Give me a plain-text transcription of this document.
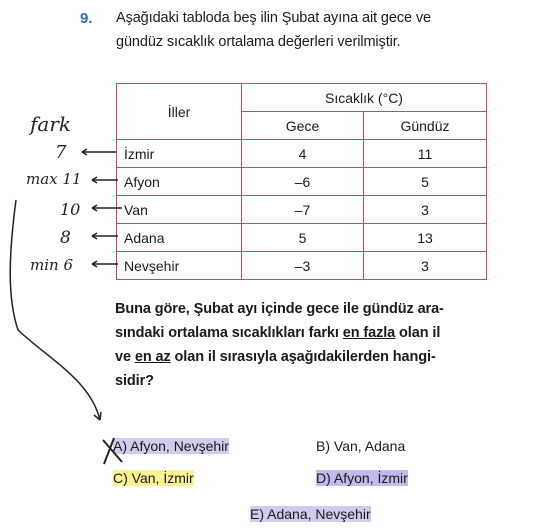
9. Aşağıdaki tabloda beş ilin Şubat ayına ait gece ve
gündüz sıcaklık ortalama değerleri verilmiştir.
İller	Sıcaklık (°C)	
	Gece	Gündüz
İzmir	4	11
Afyon	–6	5
Van	–7	3
Adana	5	13
Nevşehir	–3	3
Buna göre, Şubat ayı içinde gece ile gündüz ara-
sındaki ortalama sıcaklıkları farkı en fazla olan il
ve en az olan il sırasıyla aşağıdakilerden hangi-
sidir?
A) Afyon, Nevşehir	B) Van, Adana
C) Van, İzmir	D) Afyon, İzmir
E) Adana, Nevşehir
fark
7
max 11
10
8
min 6
